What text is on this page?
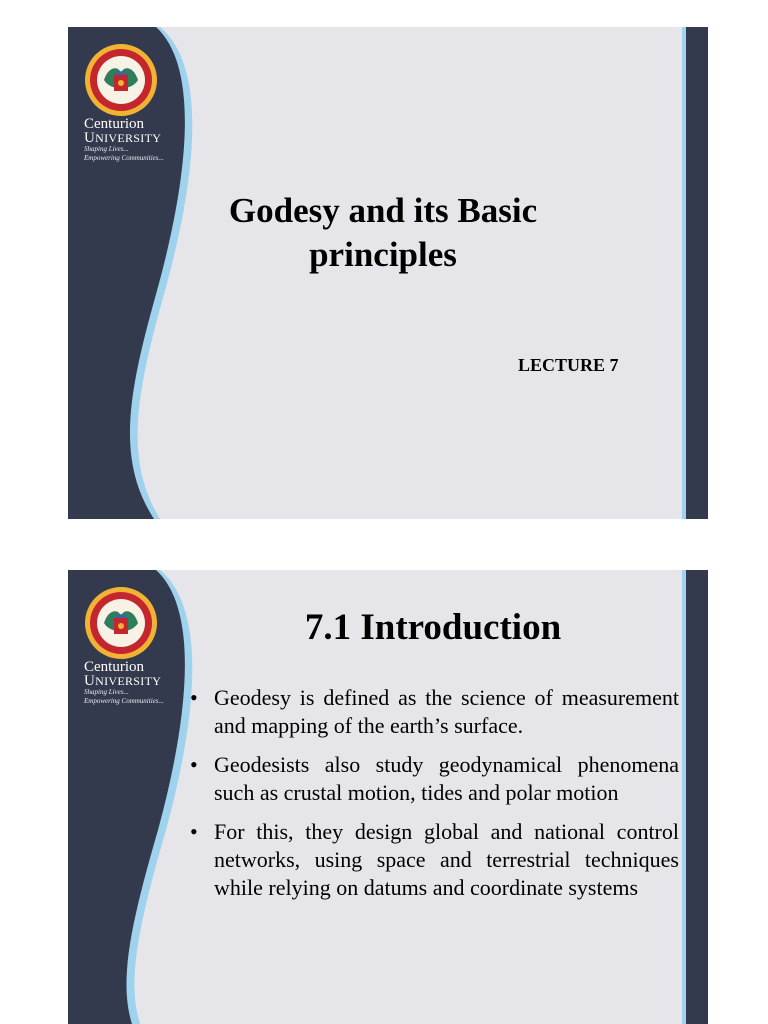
Centurion
UNIVERSITY
Shaping Lives...
Empowering Communities...
Godesy and its Basic
principles
LECTURE 7
Centurion
UNIVERSITY
Shaping Lives...
Empowering Communities...
7.1 Introduction
• Geodesy is defined as the science of measurement and mapping of the earth’s surface.
• Geodesists also study geodynamical phenomena such as crustal motion, tides and polar motion
• For this, they design global and national control networks, using space and terrestrial techniques while relying on datums and coordinate systems
